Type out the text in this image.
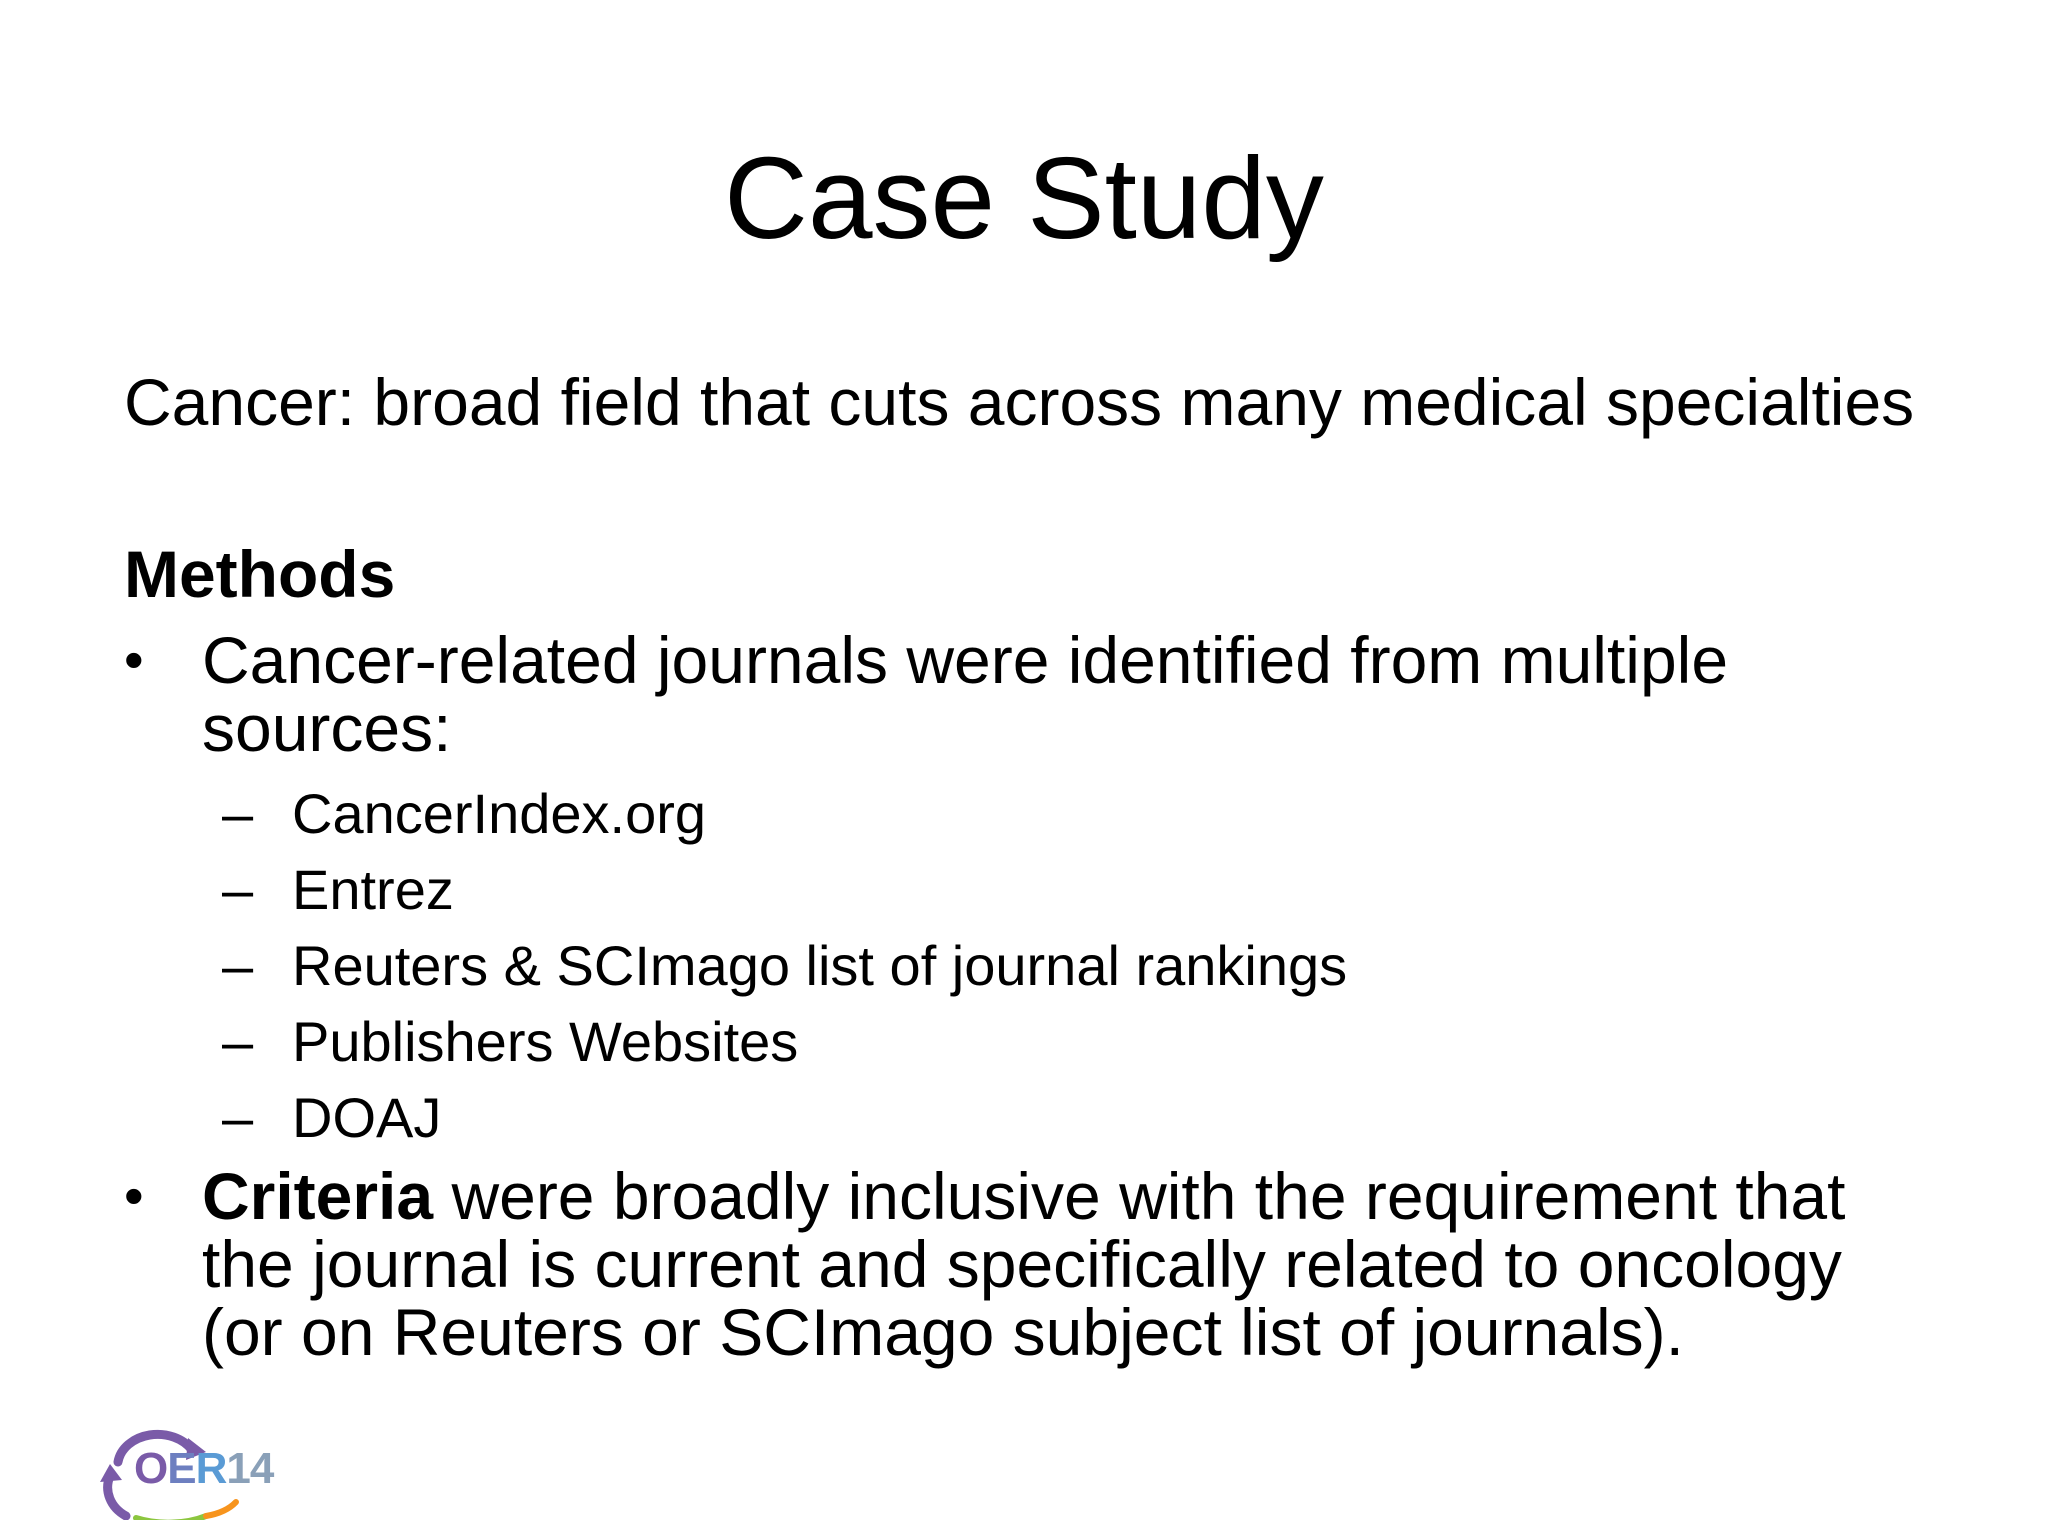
Case Study

Cancer: broad field that cuts across many medical specialties

Methods

• Cancer-related journals were identified from multiple sources:
– CancerIndex.org
– Entrez
– Reuters & SCImago list of journal rankings
– Publishers Websites
– DOAJ
• Criteria were broadly inclusive with the requirement that the journal is current and specifically related to oncology (or on Reuters or SCImago subject list of journals).
OER14
